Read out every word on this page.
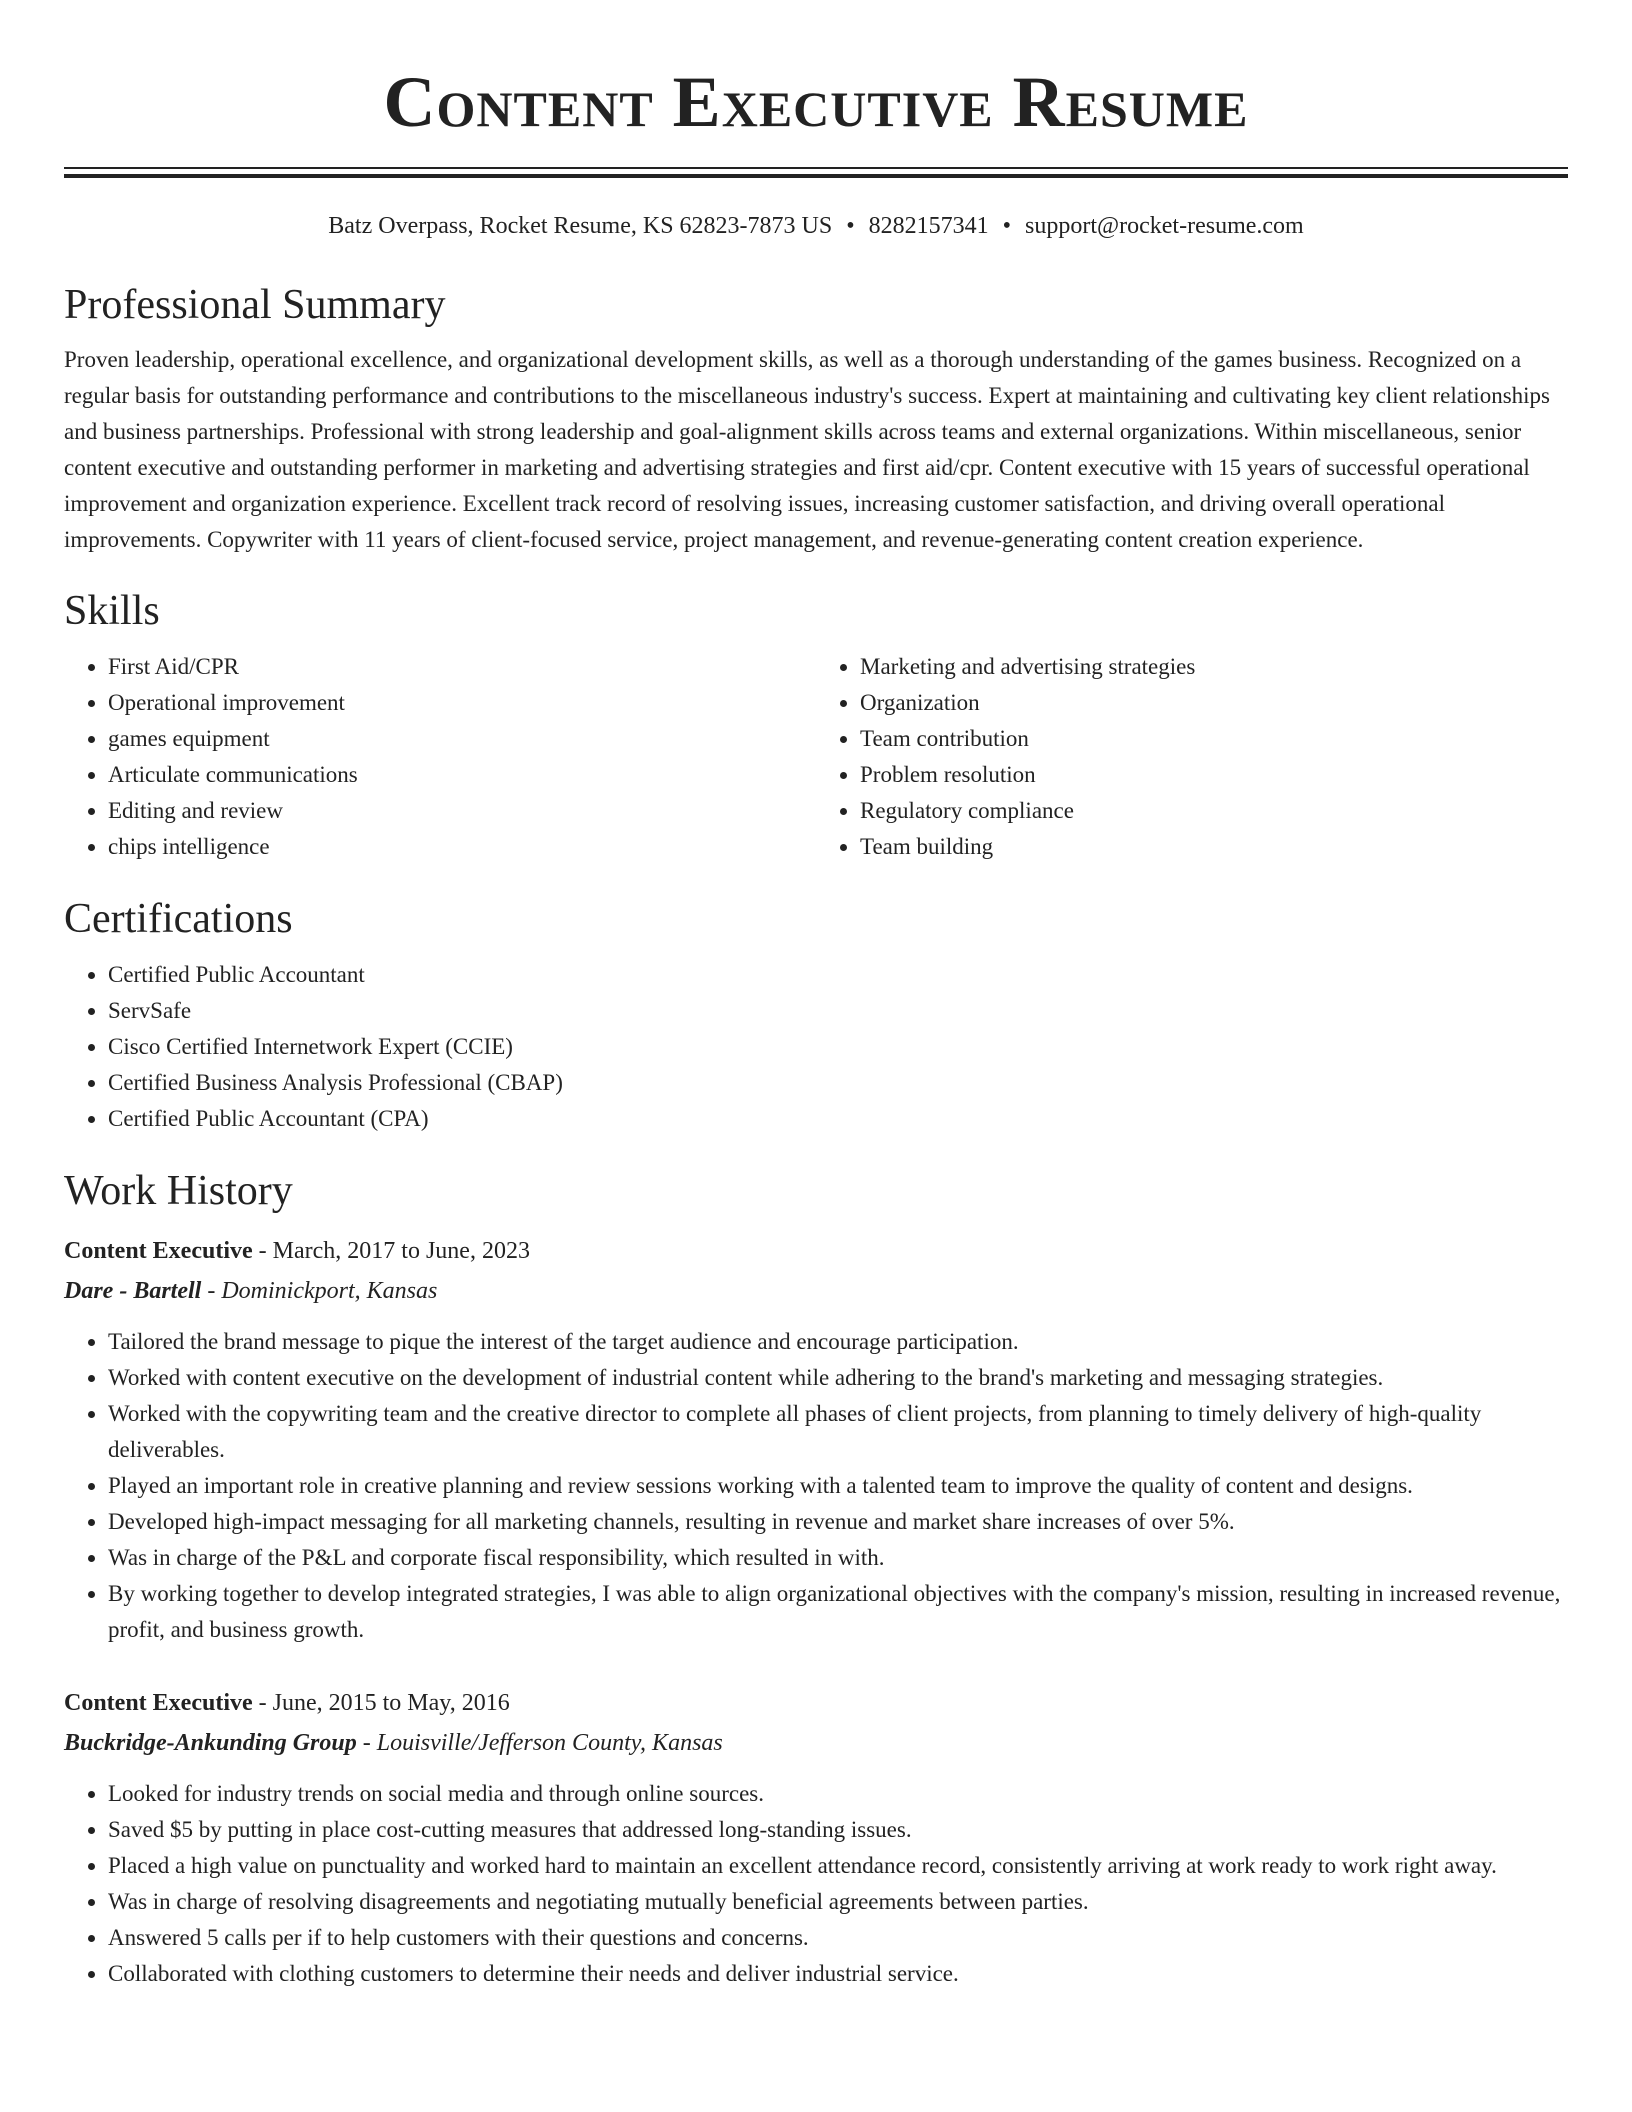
Content Executive Resume
Batz Overpass, Rocket Resume, KS 62823-7873 US • 8282157341 • support@rocket-resume.com
Professional Summary

Proven leadership, operational excellence, and organizational development skills, as well as a thorough understanding of the games business. Recognized on a regular basis for outstanding performance and contributions to the miscellaneous industry's success. Expert at maintaining and cultivating key client relationships and business partnerships. Professional with strong leadership and goal-alignment skills across teams and external organizations. Within miscellaneous, senior content executive and outstanding performer in marketing and advertising strategies and first aid/cpr. Content executive with 15 years of successful operational improvement and organization experience. Excellent track record of resolving issues, increasing customer satisfaction, and driving overall operational improvements. Copywriter with 11 years of client-focused service, project management, and revenue-generating content creation experience.

Skills
• First Aid/CPR
• Operational improvement
• games equipment
• Articulate communications
• Editing and review
• chips intelligence
• Marketing and advertising strategies
• Organization
• Team contribution
• Problem resolution
• Regulatory compliance
• Team building
Certifications
• Certified Public Accountant
• ServSafe
• Cisco Certified Internetwork Expert (CCIE)
• Certified Business Analysis Professional (CBAP)
• Certified Public Accountant (CPA)
Work History
Content Executive - March, 2017 to June, 2023
Dare - Bartell - Dominickport, Kansas
• Tailored the brand message to pique the interest of the target audience and encourage participation.
• Worked with content executive on the development of industrial content while adhering to the brand's marketing and messaging strategies.
• Worked with the copywriting team and the creative director to complete all phases of client projects, from planning to timely delivery of high-quality deliverables.
• Played an important role in creative planning and review sessions working with a talented team to improve the quality of content and designs.
• Developed high-impact messaging for all marketing channels, resulting in revenue and market share increases of over 5%.
• Was in charge of the P&L and corporate fiscal responsibility, which resulted in with.
• By working together to develop integrated strategies, I was able to align organizational objectives with the company's mission, resulting in increased revenue, profit, and business growth.
Content Executive - June, 2015 to May, 2016
Buckridge-Ankunding Group - Louisville/Jefferson County, Kansas
• Looked for industry trends on social media and through online sources.
• Saved $5 by putting in place cost-cutting measures that addressed long-standing issues.
• Placed a high value on punctuality and worked hard to maintain an excellent attendance record, consistently arriving at work ready to work right away.
• Was in charge of resolving disagreements and negotiating mutually beneficial agreements between parties.
• Answered 5 calls per if to help customers with their questions and concerns.
• Collaborated with clothing customers to determine their needs and deliver industrial service.
